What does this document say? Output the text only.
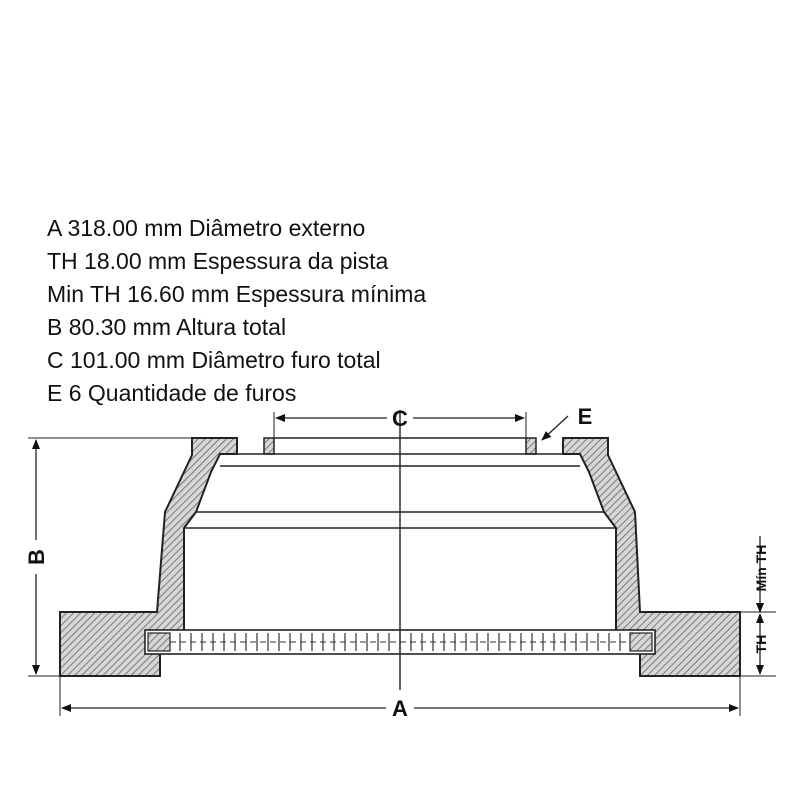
C	E
B
A
TH
Mín TH
A 318.00 mm Diâmetro externo
TH 18.00 mm Espessura da pista
Min TH 16.60 mm Espessura mínima
B 80.30 mm Altura total
C 101.00 mm Diâmetro furo total
E 6 Quantidade de furos
